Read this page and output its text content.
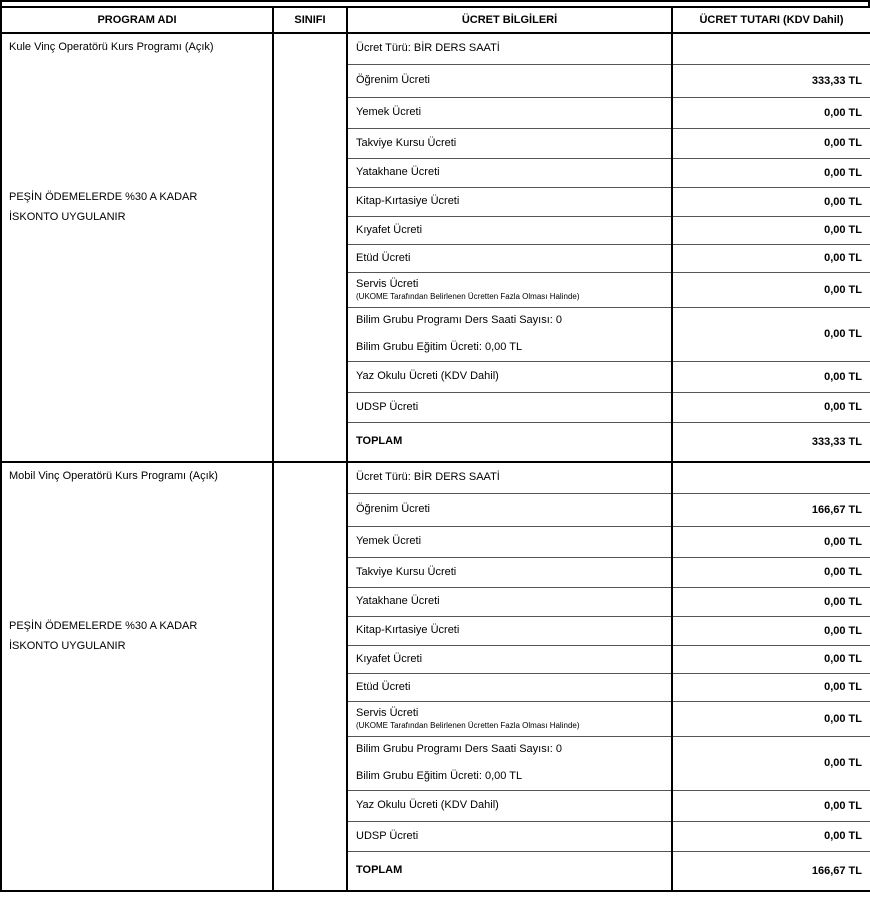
PROGRAM ADI	SINIFI	ÜCRET BİLGİLERİ	ÜCRET TUTARI (KDV Dahil)

Kule Vinç Operatörü Kurs Programı (Açık)
PEŞİN ÖDEMELERDE %30 A KADAR
İSKONTO UYGULANIR		Ücret Türü: BİR DERS SAATİ	

		Öğrenim Ücreti	333,33 TL

		Yemek Ücreti	0,00 TL

		Takviye Kursu Ücreti	0,00 TL

		Yatakhane Ücreti	0,00 TL

		Kitap-Kırtasiye Ücreti	0,00 TL

		Kıyafet Ücreti	0,00 TL

		Etüd Ücreti	0,00 TL

		Servis Ücreti
(UKOME Tarafından Belirlenen Ücretten Fazla Olması Halinde)	0,00 TL

		Bilim Grubu Programı Ders Saati Sayısı: 0
Bilim Grubu Eğitim Ücreti: 0,00 TL	0,00 TL

		Yaz Okulu Ücreti (KDV Dahil)	0,00 TL

		UDSP Ücreti	0,00 TL

		TOPLAM	333,33 TL

Mobil Vinç Operatörü Kurs Programı (Açık)
PEŞİN ÖDEMELERDE %30 A KADAR
İSKONTO UYGULANIR		Ücret Türü: BİR DERS SAATİ	

		Öğrenim Ücreti	166,67 TL

		Yemek Ücreti	0,00 TL

		Takviye Kursu Ücreti	0,00 TL

		Yatakhane Ücreti	0,00 TL

		Kitap-Kırtasiye Ücreti	0,00 TL

		Kıyafet Ücreti	0,00 TL

		Etüd Ücreti	0,00 TL

		Servis Ücreti
(UKOME Tarafından Belirlenen Ücretten Fazla Olması Halinde)	0,00 TL

		Bilim Grubu Programı Ders Saati Sayısı: 0
Bilim Grubu Eğitim Ücreti: 0,00 TL	0,00 TL

		Yaz Okulu Ücreti (KDV Dahil)	0,00 TL

		UDSP Ücreti	0,00 TL

		TOPLAM	166,67 TL
